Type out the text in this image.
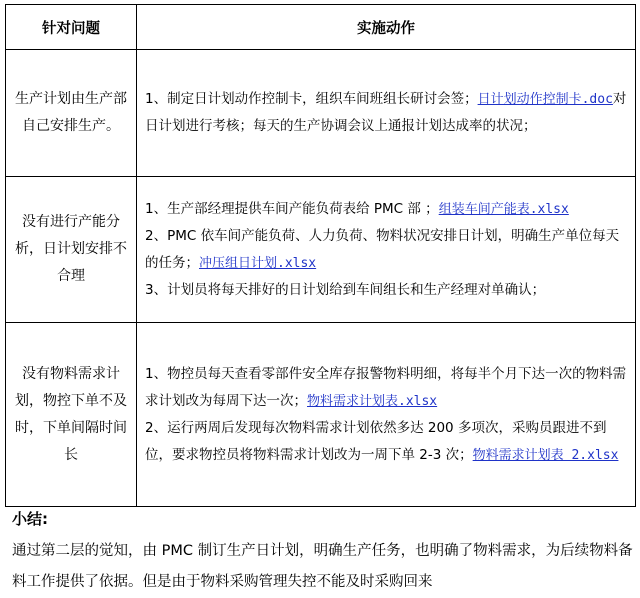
针对问题	实施动作
生产计划由生产部自己安排生产。	1、制定日计划动作控制卡，组织车间班组长研讨会签；日计划动作控制卡.doc对日计划进行考核；每天的生产协调会议上通报计划达成率的状况；
没有进行产能分析，日计划安排不合理	1、生产部经理提供车间产能负荷表给 PMC 部 ；组装车间产能表.xlsx
2、PMC 依车间产能负荷、人力负荷、物料状况安排日计划，明确生产单位每天的任务；冲压组日计划.xlsx
3、计划员将每天排好的日计划给到车间组长和生产经理对单确认；

没有物料需求计划，物控下单不及时，下单间隔时间长	1、物控员每天查看零部件安全库存报警物料明细，将每半个月下达一次的物料需求计划改为每周下达一次；物料需求计划表.xlsx
2、运行两周后发现每次物料需求计划依然多达 200 多项次，采购员跟进不到位，要求物控员将物料需求计划改为一周下单 2-3 次；物料需求计划表 2.xlsx
小结:
通过第二层的觉知，由 PMC 制订生产日计划，明确生产任务，也明确了物料需求，为后续物料备料工作提供了依据。但是由于物料采购管理失控不能及时采购回来
